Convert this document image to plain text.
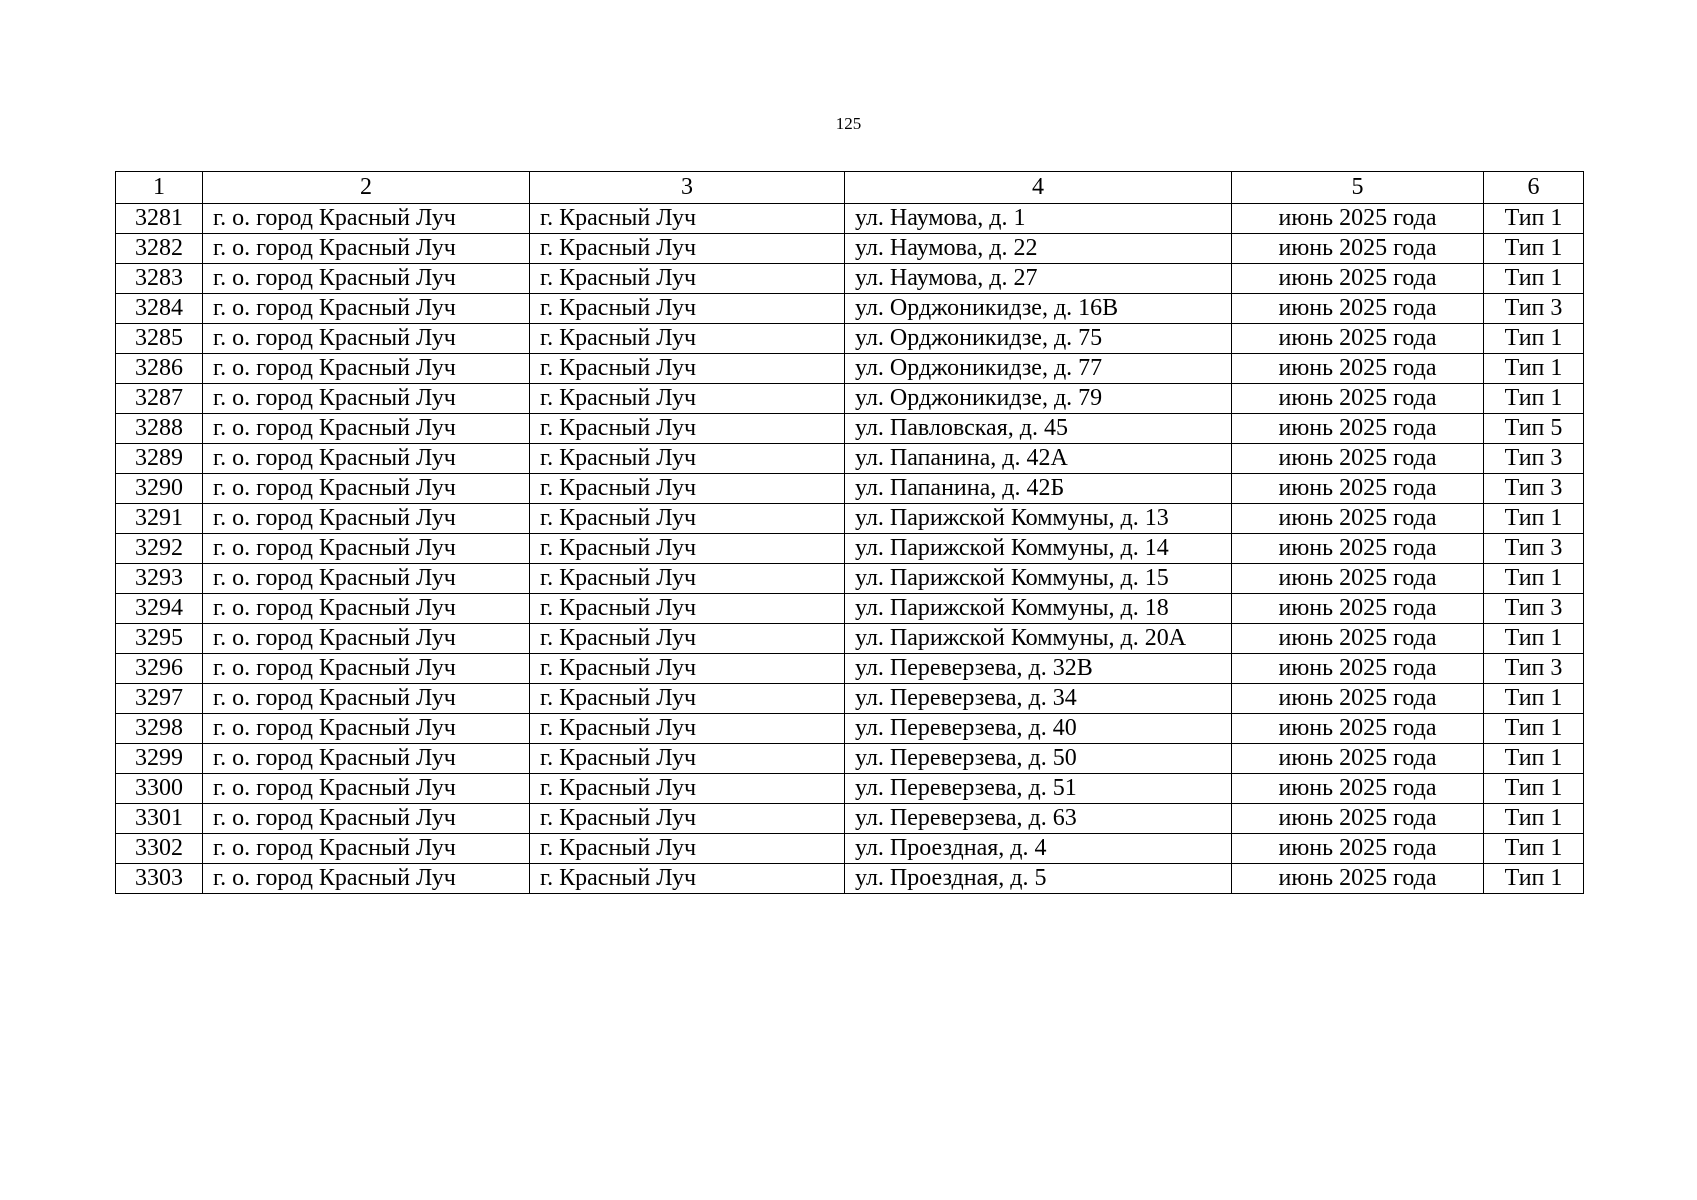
125
1	2	3	4	5	6
3281	г. о. город Красный Луч	г. Красный Луч	ул. Наумова, д. 1	июнь 2025 года	Тип 1
3282	г. о. город Красный Луч	г. Красный Луч	ул. Наумова, д. 22	июнь 2025 года	Тип 1
3283	г. о. город Красный Луч	г. Красный Луч	ул. Наумова, д. 27	июнь 2025 года	Тип 1
3284	г. о. город Красный Луч	г. Красный Луч	ул. Орджоникидзе, д. 16В	июнь 2025 года	Тип 3
3285	г. о. город Красный Луч	г. Красный Луч	ул. Орджоникидзе, д. 75	июнь 2025 года	Тип 1
3286	г. о. город Красный Луч	г. Красный Луч	ул. Орджоникидзе, д. 77	июнь 2025 года	Тип 1
3287	г. о. город Красный Луч	г. Красный Луч	ул. Орджоникидзе, д. 79	июнь 2025 года	Тип 1
3288	г. о. город Красный Луч	г. Красный Луч	ул. Павловская, д. 45	июнь 2025 года	Тип 5
3289	г. о. город Красный Луч	г. Красный Луч	ул. Папанина, д. 42А	июнь 2025 года	Тип 3
3290	г. о. город Красный Луч	г. Красный Луч	ул. Папанина, д. 42Б	июнь 2025 года	Тип 3
3291	г. о. город Красный Луч	г. Красный Луч	ул. Парижской Коммуны, д. 13	июнь 2025 года	Тип 1
3292	г. о. город Красный Луч	г. Красный Луч	ул. Парижской Коммуны, д. 14	июнь 2025 года	Тип 3
3293	г. о. город Красный Луч	г. Красный Луч	ул. Парижской Коммуны, д. 15	июнь 2025 года	Тип 1
3294	г. о. город Красный Луч	г. Красный Луч	ул. Парижской Коммуны, д. 18	июнь 2025 года	Тип 3
3295	г. о. город Красный Луч	г. Красный Луч	ул. Парижской Коммуны, д. 20А	июнь 2025 года	Тип 1
3296	г. о. город Красный Луч	г. Красный Луч	ул. Переверзева, д. 32В	июнь 2025 года	Тип 3
3297	г. о. город Красный Луч	г. Красный Луч	ул. Переверзева, д. 34	июнь 2025 года	Тип 1
3298	г. о. город Красный Луч	г. Красный Луч	ул. Переверзева, д. 40	июнь 2025 года	Тип 1
3299	г. о. город Красный Луч	г. Красный Луч	ул. Переверзева, д. 50	июнь 2025 года	Тип 1
3300	г. о. город Красный Луч	г. Красный Луч	ул. Переверзева, д. 51	июнь 2025 года	Тип 1
3301	г. о. город Красный Луч	г. Красный Луч	ул. Переверзева, д. 63	июнь 2025 года	Тип 1
3302	г. о. город Красный Луч	г. Красный Луч	ул. Проездная, д. 4	июнь 2025 года	Тип 1
3303	г. о. город Красный Луч	г. Красный Луч	ул. Проездная, д. 5	июнь 2025 года	Тип 1
